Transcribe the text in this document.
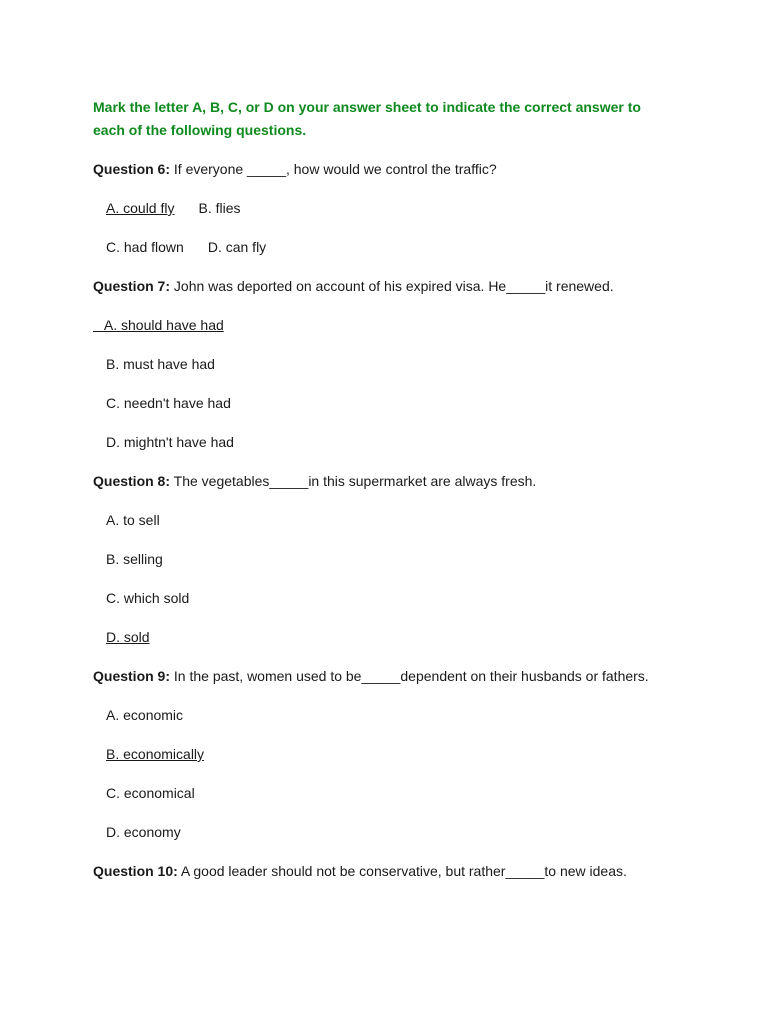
Mark the letter A, B, C, or D on your answer sheet to indicate the correct answer to each of the following questions.

Question 6: If everyone _____, how would we control the traffic?

A. could fly B. flies
C. had flown D. can fly

Question 7: John was deported on account of his expired visa. He_____it renewed.

A. should have had
B. must have had
C. needn't have had
D. mightn't have had

Question 8: The vegetables_____in this supermarket are always fresh.

A. to sell
B. selling
C. which sold
D. sold

Question 9: In the past, women used to be_____dependent on their husbands or fathers.

A. economic
B. economically
C. economical
D. economy

Question 10: A good leader should not be conservative, but rather_____to new ideas.
